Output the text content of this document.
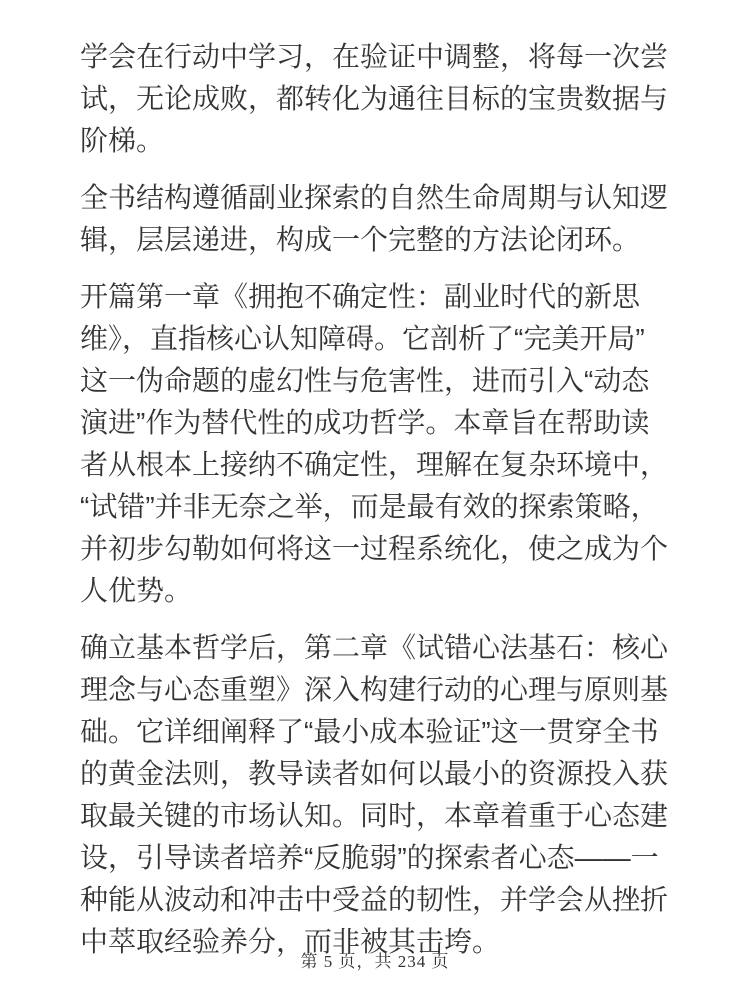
学会在行动中学习，在验证中调整，将每一次尝试，无论成败，都转化为通往目标的宝贵数据与阶梯。

全书结构遵循副业探索的自然生命周期与认知逻辑，层层递进，构成一个完整的方法论闭环。

开篇第一章《拥抱不确定性：副业时代的新思维》，直指核心认知障碍。它剖析了“完美开局”这一伪命题的虚幻性与危害性，进而引入“动态演进”作为替代性的成功哲学。本章旨在帮助读者从根本上接纳不确定性，理解在复杂环境中，“试错”并非无奈之举，而是最有效的探索策略，并初步勾勒如何将这一过程系统化，使之成为个人优势。

确立基本哲学后，第二章《试错心法基石：核心理念与心态重塑》深入构建行动的心理与原则基础。它详细阐释了“最小成本验证”这一贯穿全书的黄金法则，教导读者如何以最小的资源投入获取最关键的市场认知。同时，本章着重于心态建设，引导读者培养“反脆弱”的探索者心态——一种能从波动和冲击中受益的韧性，并学会从挫折中萃取经验养分，而非被其击垮。

第 5 页，共 234 页
